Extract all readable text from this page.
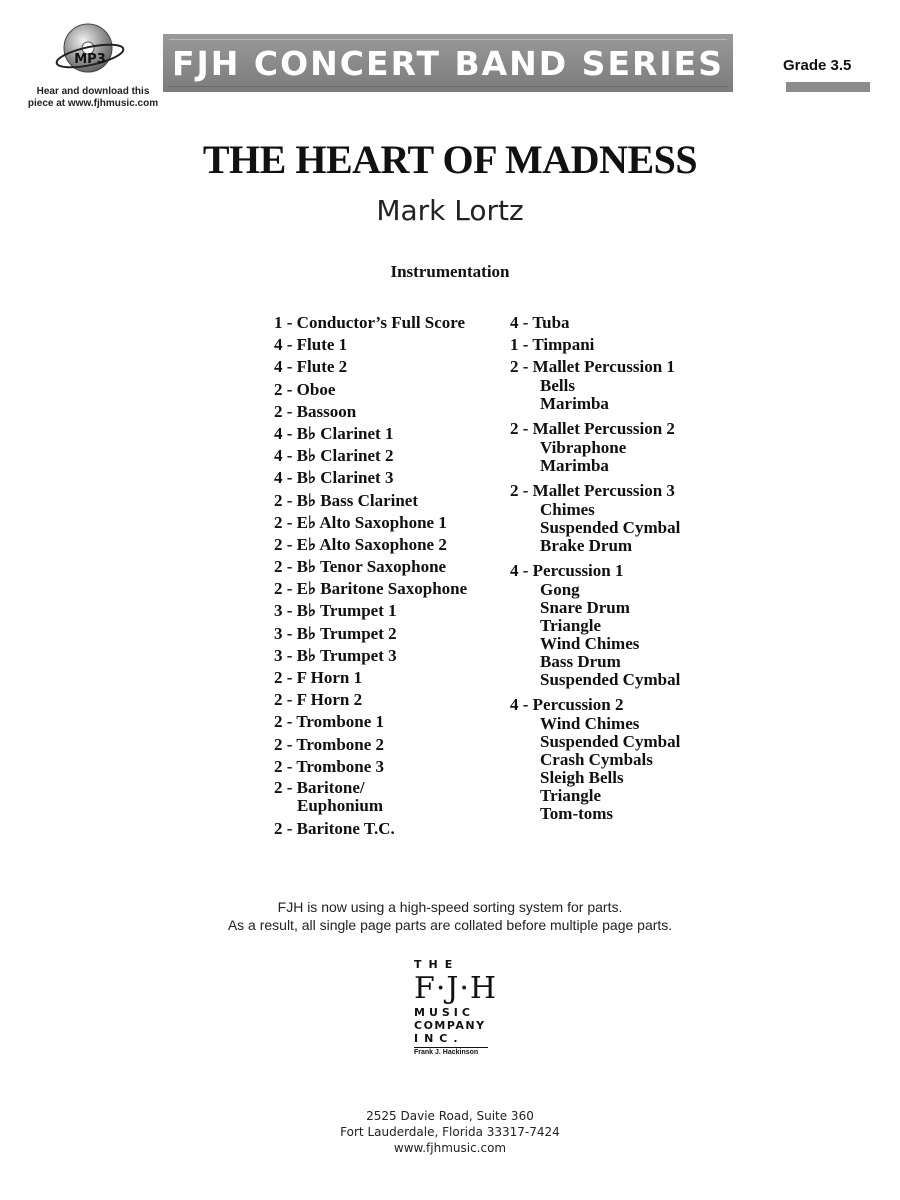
MP3
Hear and download this
piece at www.fjhmusic.com
FJH CONCERT BAND SERIES	Grade 3.5
THE HEART OF MADNESS
Mark Lortz
Instrumentation
1 - Conductor’s Full Score
4 - Flute 1
4 - Flute 2
2 - Oboe
2 - Bassoon
4 - B♭ Clarinet 1
4 - B♭ Clarinet 2
4 - B♭ Clarinet 3
2 - B♭ Bass Clarinet
2 - E♭ Alto Saxophone 1
2 - E♭ Alto Saxophone 2
2 - B♭ Tenor Saxophone
2 - E♭ Baritone Saxophone
3 - B♭ Trumpet 1
3 - B♭ Trumpet 2
3 - B♭ Trumpet 3
2 - F Horn 1
2 - F Horn 2
2 - Trombone 1
2 - Trombone 2
2 - Trombone 3
2 - Baritone/
Euphonium
2 - Baritone T.C.
4 - Tuba
1 - Timpani
2 - Mallet Percussion 1
Bells
Marimba
2 - Mallet Percussion 2
Vibraphone
Marimba
2 - Mallet Percussion 3
Chimes
Suspended Cymbal
Brake Drum
4 - Percussion 1
Gong
Snare Drum
Triangle
Wind Chimes
Bass Drum
Suspended Cymbal
4 - Percussion 2
Wind Chimes
Suspended Cymbal
Crash Cymbals
Sleigh Bells
Triangle
Tom-toms
FJH is now using a high-speed sorting system for parts.
As a result, all single page parts are collated before multiple page parts.
THE
F·J·H
MUSIC
COMPANY
INC.
Frank J. Hackinson
2525 Davie Road, Suite 360
Fort Lauderdale, Florida 33317-7424
www.fjhmusic.com
